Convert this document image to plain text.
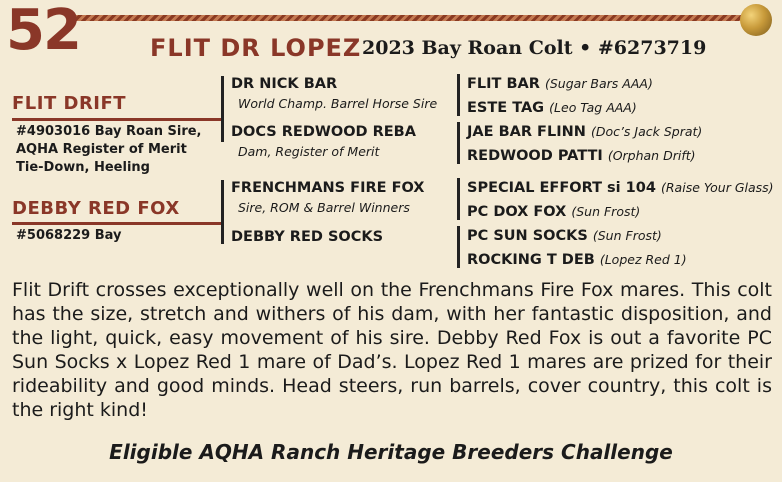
52	FLIT DR LOPEZ 2023 Bay Roan Colt • #6273719
FLIT DRIFT
#4903016 Bay Roan Sire, AQHA Register of Merit Tie-Down, Heeling
DEBBY RED FOX
#5068229 Bay
DR NICK BAR
World Champ. Barrel Horse Sire
DOCS REDWOOD REBA
Dam, Register of Merit
FRENCHMANS FIRE FOX
Sire, ROM & Barrel Winners
DEBBY RED SOCKS
FLIT BAR (Sugar Bars AAA)
ESTE TAG (Leo Tag AAA)
JAE BAR FLINN (Doc’s Jack Sprat)
REDWOOD PATTI (Orphan Drift)
SPECIAL EFFORT si 104 (Raise Your Glass)
PC DOX FOX (Sun Frost)
PC SUN SOCKS (Sun Frost)
ROCKING T DEB (Lopez Red 1)
Flit Drift crosses exceptionally well on the Frenchmans Fire Fox mares. This colt has the size, stretch and withers of his dam, with her fantastic disposition, and the light, quick, easy movement of his sire. Debby Red Fox is out a favorite PC Sun Socks x Lopez Red 1 mare of Dad’s. Lopez Red 1 mares are prized for their rideability and good minds. Head steers, run barrels, cover country, this colt is the right kind!
Eligible AQHA Ranch Heritage Breeders Challenge
